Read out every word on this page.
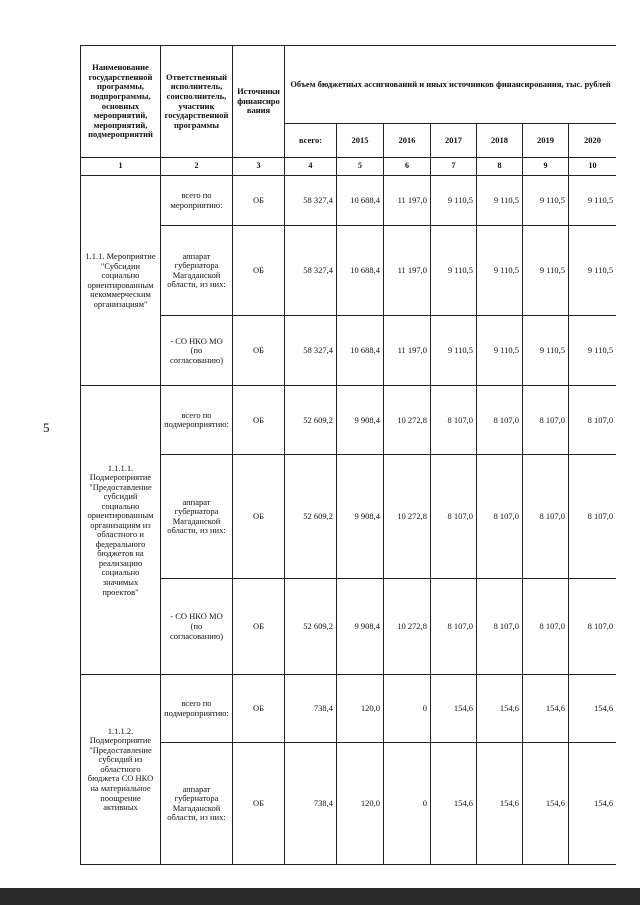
5
Наименование государственной программы, подпрограммы, основных мероприятий, мероприятий, подмероприятий	Ответственный исполнитель, соисполнитель, участник государственной программы	Источники финансирования	Объем бюджетных ассигнований и иных источников финансирования, тыс. рублей						
			всего:	2015	2016	2017	2018	2019	2020
1	2	3	4	5	6	7	8	9	10
1.1.1. Мероприятие "Субсидии социально ориентированным некоммерческим организациям"	всего по мероприятию:	ОБ	58 327,4	10 688,4	11 197,0	9 110,5	9 110,5	9 110,5	9 110,5
	аппарат губернатора Магаданской области, из них:	ОБ	58 327,4	10 688,4	11 197,0	9 110,5	9 110,5	9 110,5	9 110,5
	- СО НКО МО (по согласованию)	ОБ	58 327,4	10 688,4	11 197,0	9 110,5	9 110,5	9 110,5	9 110,5
1.1.1.1. Подмероприятие "Предоставление субсидий социально ориентированным организациям из областного и федерального бюджетов на реализацию социально значимых проектов"	всего по подмероприятию:	ОБ	52 609,2	9 908,4	10 272,8	8 107,0	8 107,0	8 107,0	8 107,0
	аппарат губернатора Магаданской области, из них:	ОБ	52 609,2	9 908,4	10 272,8	8 107,0	8 107,0	8 107,0	8 107,0
	- СО НКО МО (по согласованию)	ОБ	52 609,2	9 908,4	10 272,8	8 107,0	8 107,0	8 107,0	8 107,0
1.1.1.2. Подмероприятие "Предоставление субсидий из областного бюджета СО НКО на материальное поощрение активных	всего по подмероприятию:	ОБ	738,4	120,0	0	154,6	154,6	154,6	154,6
	аппарат губернатора Магаданской области, из них:	ОБ	738,4	120,0	0	154,6	154,6	154,6	154,6
